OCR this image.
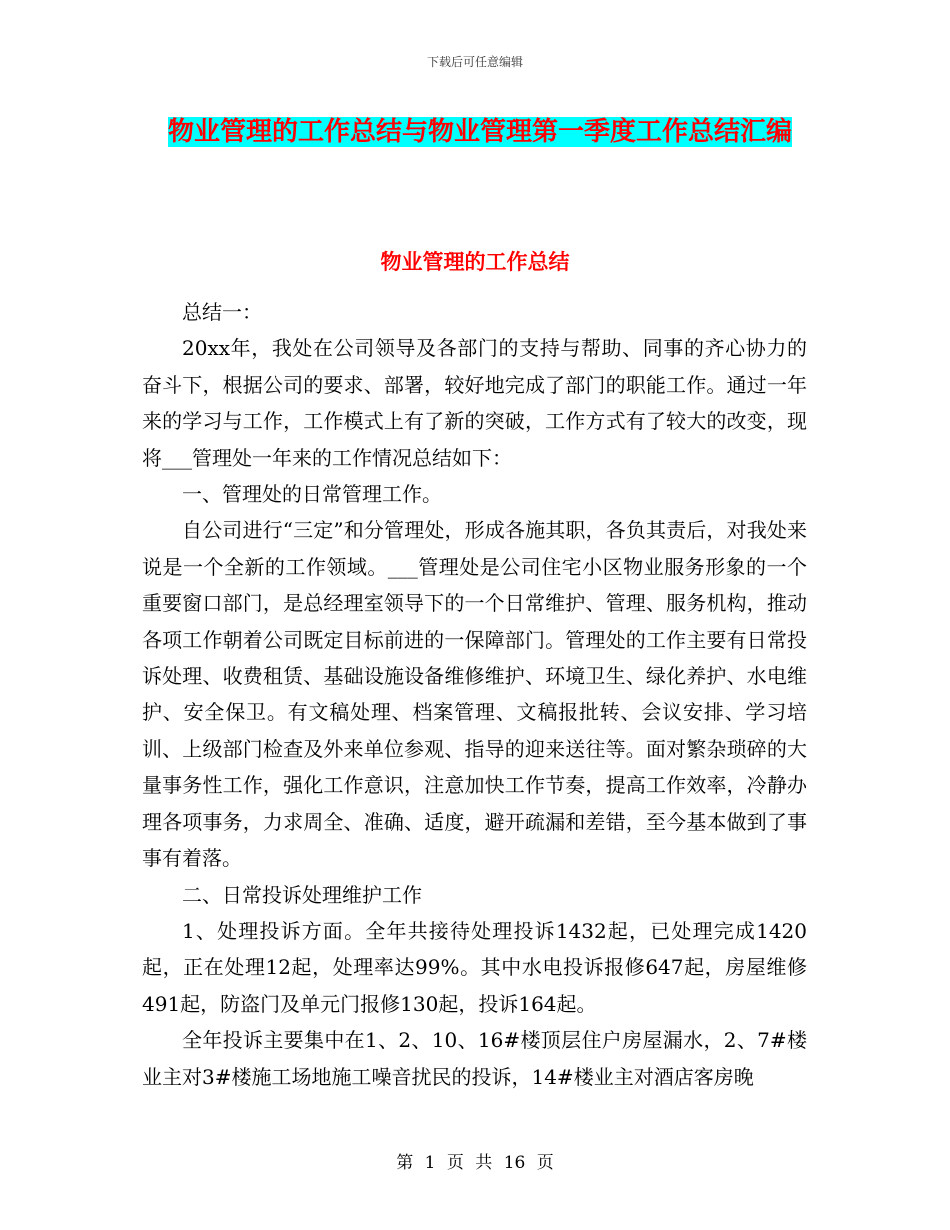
下载后可任意编辑
物业管理的工作总结与物业管理第一季度工作总结汇编
物业管理的工作总结

总结一：

20xx年，我处在公司领导及各部门的支持与帮助、同事的齐心协力的奋斗下，根据公司的要求、部署，较好地完成了部门的职能工作。通过一年来的学习与工作，工作模式上有了新的突破，工作方式有了较大的改变，现将___管理处一年来的工作情况总结如下：

一、管理处的日常管理工作。

自公司进行“三定”和分管理处，形成各施其职，各负其责后，对我处来说是一个全新的工作领域。___管理处是公司住宅小区物业服务形象的一个重要窗口部门，是总经理室领导下的一个日常维护、管理、服务机构，推动各项工作朝着公司既定目标前进的一保障部门。管理处的工作主要有日常投诉处理、收费租赁、基础设施设备维修维护、环境卫生、绿化养护、水电维护、安全保卫。有文稿处理、档案管理、文稿报批转、会议安排、学习培训、上级部门检查及外来单位参观、指导的迎来送往等。面对繁杂琐碎的大量事务性工作，强化工作意识，注意加快工作节奏，提高工作效率，冷静办理各项事务，力求周全、准确、适度，避开疏漏和差错，至今基本做到了事事有着落。

二、日常投诉处理维护工作

1、处理投诉方面。全年共接待处理投诉1432起，已处理完成1420起，正在处理12起，处理率达99%。其中水电投诉报修647起，房屋维修491起，防盗门及单元门报修130起，投诉164起。

全年投诉主要集中在1、2、10、16#楼顶层住户房屋漏水，2、7#楼业主对3#楼施工场地施工噪音扰民的投诉，14#楼业主对酒店客房晚

第 1 页 共 16 页
